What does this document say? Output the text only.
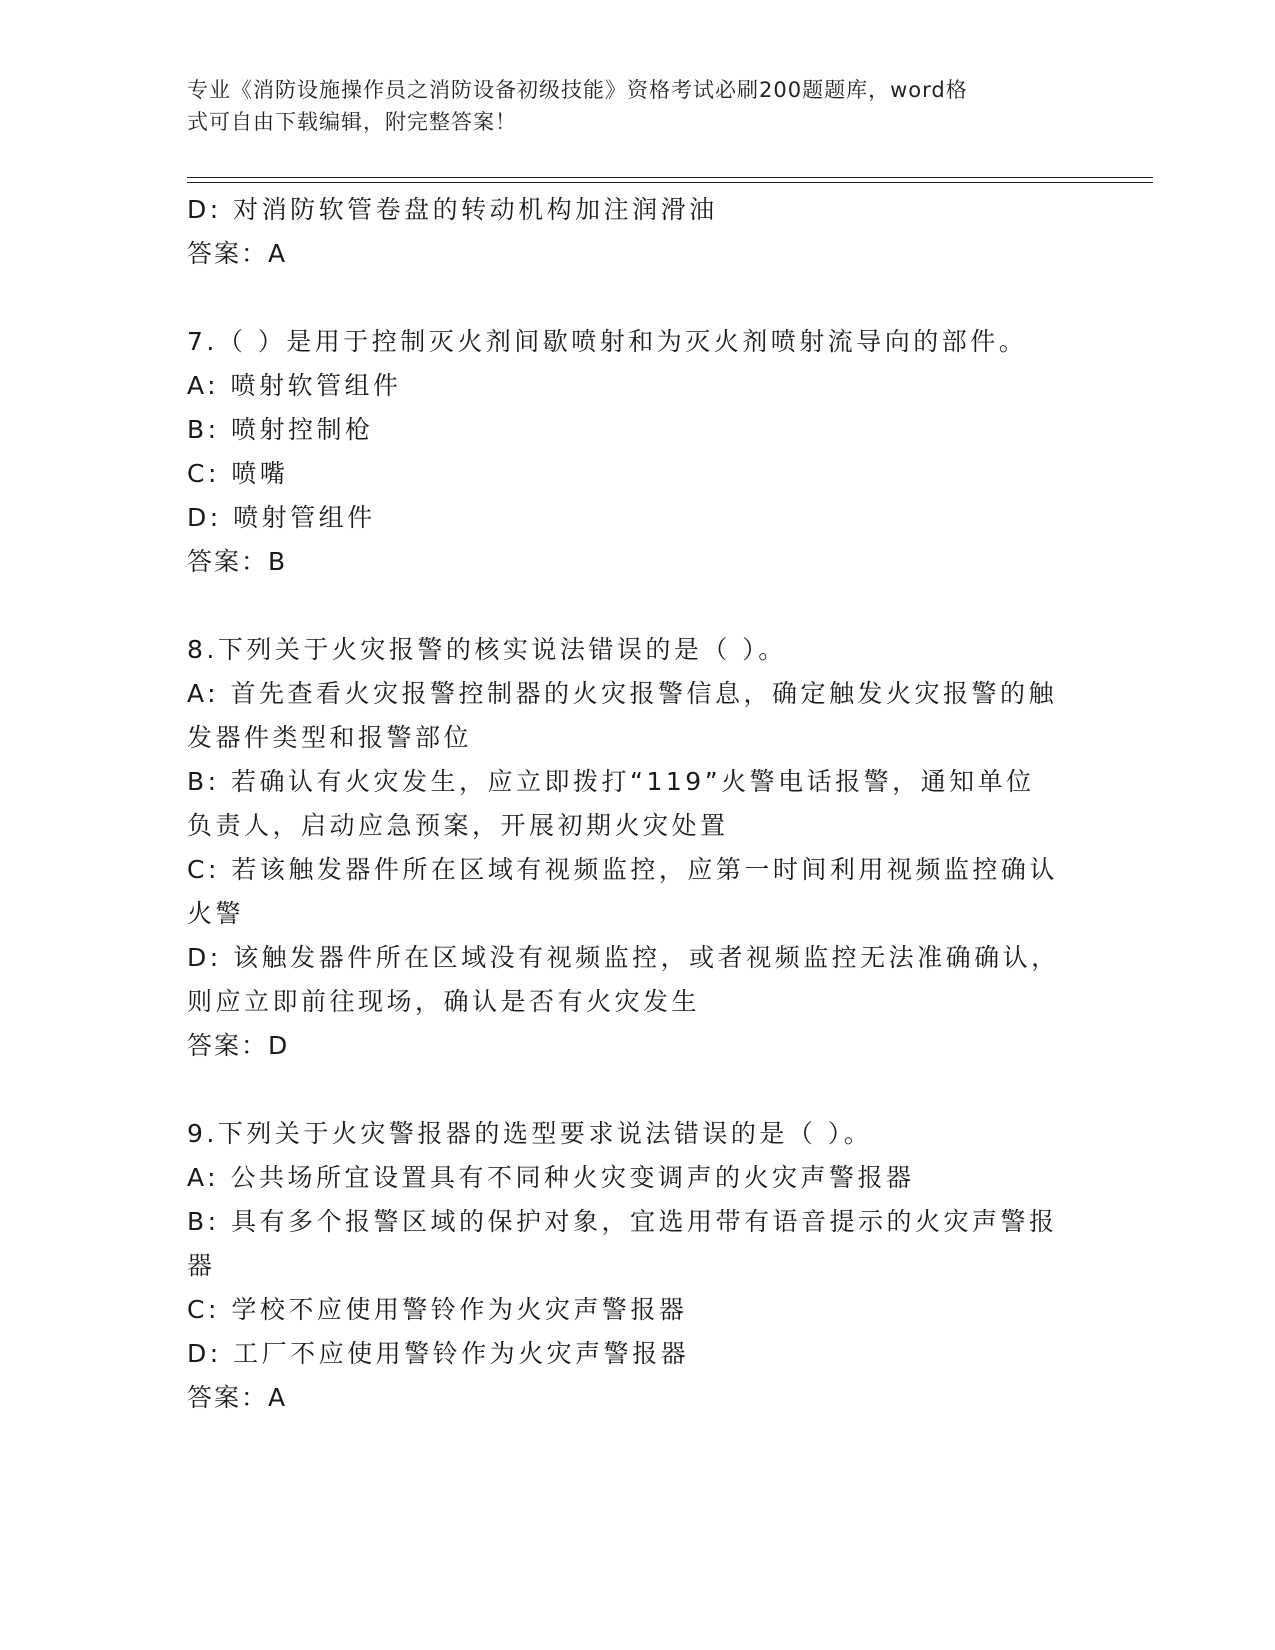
专业《消防设施操作员之消防设备初级技能》资格考试必刷200题题库，word格
式可自由下载编辑，附完整答案！
D: 对消防软管卷盘的转动机构加注润滑油
答案：A
7.（ ）是用于控制灭火剂间歇喷射和为灭火剂喷射流导向的部件。
A: 喷射软管组件
B: 喷射控制枪
C: 喷嘴
D: 喷射管组件
答案：B
8.下列关于火灾报警的核实说法错误的是（ ）。
A: 首先查看火灾报警控制器的火灾报警信息，确定触发火灾报警的触
发器件类型和报警部位
B: 若确认有火灾发生，应立即拨打“119”火警电话报警，通知单位
负责人，启动应急预案，开展初期火灾处置
C: 若该触发器件所在区域有视频监控，应第一时间利用视频监控确认
火警
D: 该触发器件所在区域没有视频监控，或者视频监控无法准确确认，
则应立即前往现场，确认是否有火灾发生
答案：D
9.下列关于火灾警报器的选型要求说法错误的是（ ）。
A: 公共场所宜设置具有不同种火灾变调声的火灾声警报器
B: 具有多个报警区域的保护对象，宜选用带有语音提示的火灾声警报
器
C: 学校不应使用警铃作为火灾声警报器
D: 工厂不应使用警铃作为火灾声警报器
答案：A
